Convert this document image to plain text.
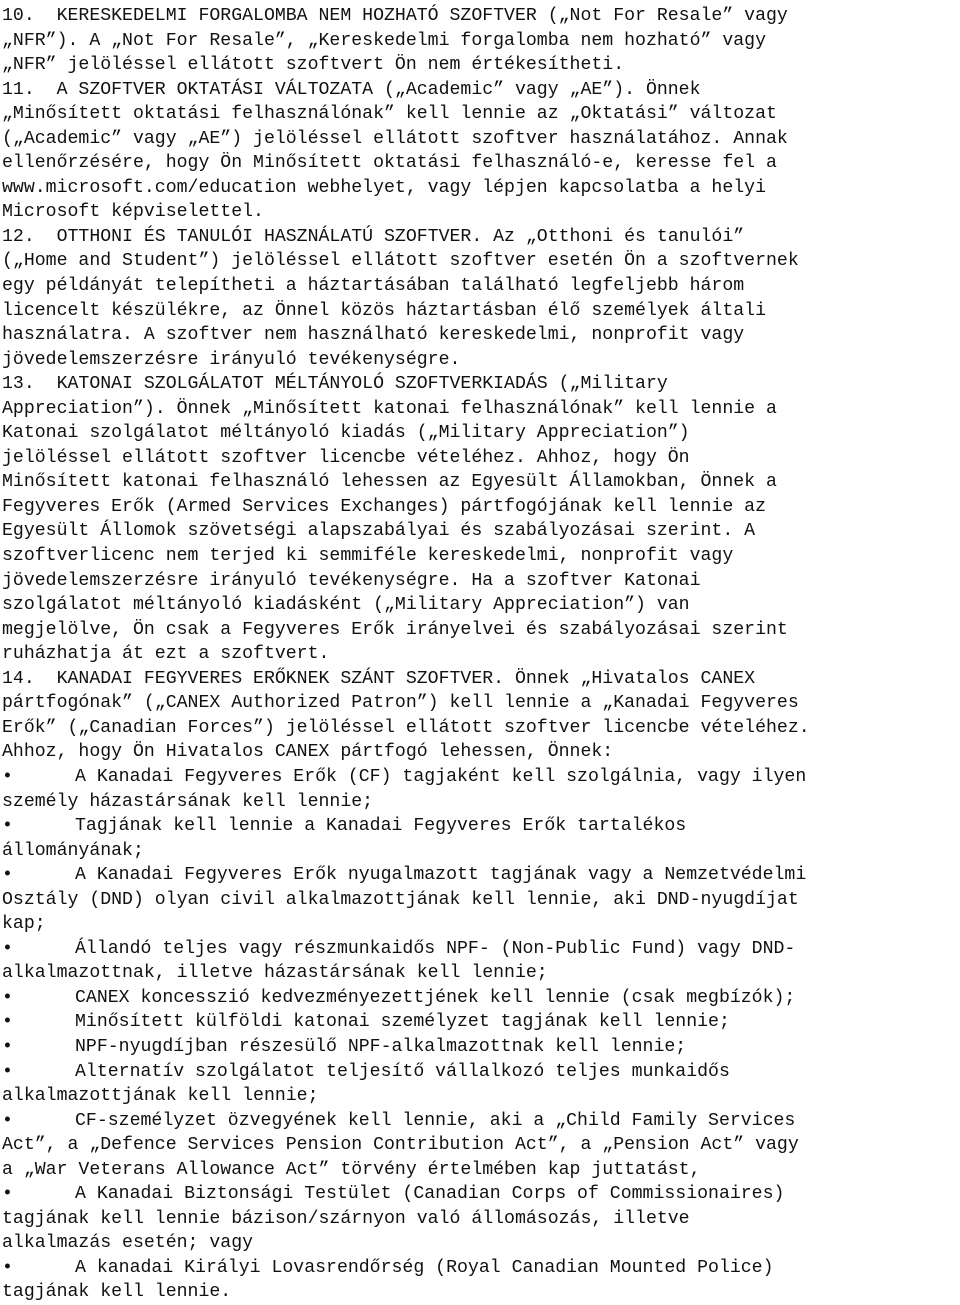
10.  KERESKEDELMI FORGALOMBA NEM HOZHATÓ SZOFTVER („Not For Resale” vagy
„NFR”). A „Not For Resale”, „Kereskedelmi forgalomba nem hozható” vagy
„NFR” jelöléssel ellátott szoftvert Ön nem értékesítheti.
11.  A SZOFTVER OKTATÁSI VÁLTOZATA („Academic” vagy „AE”). Önnek
„Minősített oktatási felhasználónak” kell lennie az „Oktatási” változat
(„Academic” vagy „AE”) jelöléssel ellátott szoftver használatához. Annak
ellenőrzésére, hogy Ön Minősített oktatási felhasználó-e, keresse fel a
www.microsoft.com/education webhelyet, vagy lépjen kapcsolatba a helyi
Microsoft képviselettel.
12.  OTTHONI ÉS TANULÓI HASZNÁLATÚ SZOFTVER. Az „Otthoni és tanulói”
(„Home and Student”) jelöléssel ellátott szoftver esetén Ön a szoftvernek
egy példányát telepítheti a háztartásában található legfeljebb három
licencelt készülékre, az Önnel közös háztartásban élő személyek általi
használatra. A szoftver nem használható kereskedelmi, nonprofit vagy
jövedelemszerzésre irányuló tevékenységre.
13.  KATONAI SZOLGÁLATOT MÉLTÁNYOLÓ SZOFTVERKIADÁS („Military
Appreciation”). Önnek „Minősített katonai felhasználónak” kell lennie a
Katonai szolgálatot méltányoló kiadás („Military Appreciation”)
jelöléssel ellátott szoftver licencbe vételéhez. Ahhoz, hogy Ön
Minősített katonai felhasználó lehessen az Egyesült Államokban, Önnek a
Fegyveres Erők (Armed Services Exchanges) pártfogójának kell lennie az
Egyesült Állomok szövetségi alapszabályai és szabályozásai szerint. A
szoftverlicenc nem terjed ki semmiféle kereskedelmi, nonprofit vagy
jövedelemszerzésre irányuló tevékenységre. Ha a szoftver Katonai
szolgálatot méltányoló kiadásként („Military Appreciation”) van
megjelölve, Ön csak a Fegyveres Erők irányelvei és szabályozásai szerint
ruházhatja át ezt a szoftvert.
14.  KANADAI FEGYVERES ERŐKNEK SZÁNT SZOFTVER. Önnek „Hivatalos CANEX
pártfogónak” („CANEX Authorized Patron”) kell lennie a „Kanadai Fegyveres
Erők” („Canadian Forces”) jelöléssel ellátott szoftver licencbe vételéhez.
Ahhoz, hogy Ön Hivatalos CANEX pártfogó lehessen, Önnek:
•	A Kanadai Fegyveres Erők (CF) tagjaként kell szolgálnia, vagy ilyen
személy házastársának kell lennie;
•	Tagjának kell lennie a Kanadai Fegyveres Erők tartalékos
állományának;
•	A Kanadai Fegyveres Erők nyugalmazott tagjának vagy a Nemzetvédelmi
Osztály (DND) olyan civil alkalmazottjának kell lennie, aki DND-nyugdíjat
kap;
•	Állandó teljes vagy részmunkaidős NPF- (Non-Public Fund) vagy DND-
alkalmazottnak, illetve házastársának kell lennie;
•	CANEX koncesszió kedvezményezettjének kell lennie (csak megbízók);
•	Minősített külföldi katonai személyzet tagjának kell lennie;
•	NPF-nyugdíjban részesülő NPF-alkalmazottnak kell lennie;
•	Alternatív szolgálatot teljesítő vállalkozó teljes munkaidős
alkalmazottjának kell lennie;
•	CF-személyzet özvegyének kell lennie, aki a „Child Family Services
Act”, a „Defence Services Pension Contribution Act”, a „Pension Act” vagy
a „War Veterans Allowance Act” törvény értelmében kap juttatást,
•	A Kanadai Biztonsági Testület (Canadian Corps of Commissionaires)
tagjának kell lennie bázison/szárnyon való állomásozás, illetve
alkalmazás esetén; vagy
•	A kanadai Királyi Lovasrendőrség (Royal Canadian Mounted Police)
tagjának kell lennie.
